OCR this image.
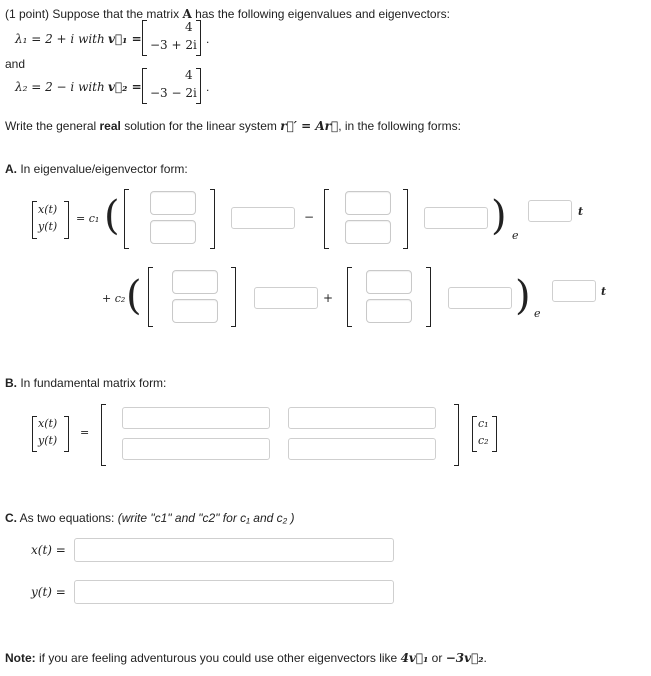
(1 point) Suppose that the matrix A has the following eigenvalues and eigenvectors:
λ₁ = 2 + i with v⃗₁ =
4
−3 + 2i .
and
λ₂ = 2 − i with v⃗₂ =
4
−3 − 2i .
Write the general real solution for the linear system r⃗′ = Ar⃗, in the following forms:
A. In eigenvalue/eigenvector form:
x(t)
y(t)
= c₁ (	−	) e
t
+ c₂ (	+	) e
t
B. In fundamental matrix form:
x(t)
y(t)
=
c₁
c₂
C. As two equations: (write "c1" and "c2" for c₁ and c₂ )
x(t) =
y(t) =
Note: if you are feeling adventurous you could use other eigenvectors like 4v⃗₁ or −3v⃗₂.
